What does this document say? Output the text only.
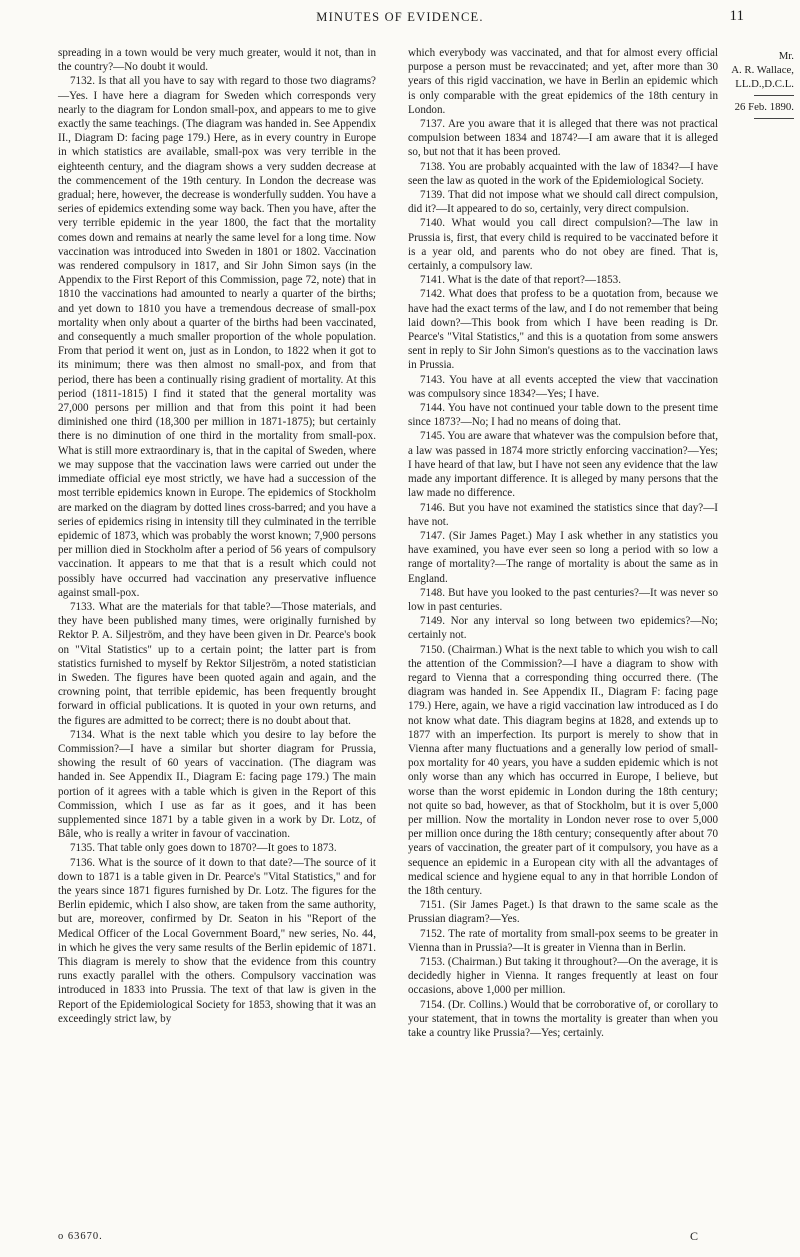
MINUTES OF EVIDENCE.	11

spreading in a town would be very much greater, would it not, than in the country?—No doubt it would.

7132. Is that all you have to say with regard to those two diagrams?—Yes. I have here a diagram for Sweden which corresponds very nearly to the diagram for London small-pox, and appears to me to give exactly the same teachings. (The diagram was handed in. See Appendix II., Diagram D: facing page 179.) Here, as in every country in Europe in which statistics are available, small-pox was very terrible in the eighteenth century, and the diagram shows a very sudden decrease at the commencement of the 19th century. In London the decrease was gradual; here, however, the decrease is wonderfully sudden. You have a series of epidemics extending some way back. Then you have, after the very terrible epidemic in the year 1800, the fact that the mortality comes down and remains at nearly the same level for a long time. Now vaccination was introduced into Sweden in 1801 or 1802. Vaccination was rendered compulsory in 1817, and Sir John Simon says (in the Appendix to the First Report of this Commission, page 72, note) that in 1810 the vaccinations had amounted to nearly a quarter of the births; and yet down to 1810 you have a tremendous decrease of small-pox mortality when only about a quarter of the births had been vaccinated, and consequently a much smaller proportion of the whole population. From that period it went on, just as in London, to 1822 when it got to its minimum; there was then almost no small-pox, and from that period, there has been a continually rising gradient of mortality. At this period (1811-1815) I find it stated that the general mortality was 27,000 persons per million and that from this point it had been diminished one third (18,300 per million in 1871-1875); but certainly there is no diminution of one third in the mortality from small-pox. What is still more extraordinary is, that in the capital of Sweden, where we may suppose that the vaccination laws were carried out under the immediate official eye most strictly, we have had a succession of the most terrible epidemics known in Europe. The epidemics of Stockholm are marked on the diagram by dotted lines cross-barred; and you have a series of epidemics rising in intensity till they culminated in the terrible epidemic of 1873, which was probably the worst known; 7,900 persons per million died in Stockholm after a period of 56 years of compulsory vaccination. It appears to me that that is a result which could not possibly have occurred had vaccination any preservative influence against small-pox.

7133. What are the materials for that table?—Those materials, and they have been published many times, were originally furnished by Rektor P. A. Siljeström, and they have been given in Dr. Pearce's book on "Vital Statistics" up to a certain point; the latter part is from statistics furnished to myself by Rektor Siljeström, a noted statistician in Sweden. The figures have been quoted again and again, and the crowning point, that terrible epidemic, has been frequently brought forward in official publications. It is quoted in your own returns, and the figures are admitted to be correct; there is no doubt about that.

7134. What is the next table which you desire to lay before the Commission?—I have a similar but shorter diagram for Prussia, showing the result of 60 years of vaccination. (The diagram was handed in. See Appendix II., Diagram E: facing page 179.) The main portion of it agrees with a table which is given in the Report of this Commission, which I use as far as it goes, and it has been supplemented since 1871 by a table given in a work by Dr. Lotz, of Bâle, who is really a writer in favour of vaccination.

7135. That table only goes down to 1870?—It goes to 1873.

7136. What is the source of it down to that date?—The source of it down to 1871 is a table given in Dr. Pearce's "Vital Statistics," and for the years since 1871 figures furnished by Dr. Lotz. The figures for the Berlin epidemic, which I also show, are taken from the same authority, but are, moreover, confirmed by Dr. Seaton in his "Report of the Medical Officer of the Local Government Board," new series, No. 44, in which he gives the very same results of the Berlin epidemic of 1871. This diagram is merely to show that the evidence from this country runs exactly parallel with the others. Compulsory vaccination was introduced in 1833 into Prussia. The text of that law is given in the Report of the Epidemiological Society for 1853, showing that it was an exceedingly strict law, by

which everybody was vaccinated, and that for almost every official purpose a person must be revaccinated; and yet, after more than 30 years of this rigid vaccination, we have in Berlin an epidemic which is only comparable with the great epidemics of the 18th century in London.

7137. Are you aware that it is alleged that there was not practical compulsion between 1834 and 1874?—I am aware that it is alleged so, but not that it has been proved.

7138. You are probably acquainted with the law of 1834?—I have seen the law as quoted in the work of the Epidemiological Society.

7139. That did not impose what we should call direct compulsion, did it?—It appeared to do so, certainly, very direct compulsion.

7140. What would you call direct compulsion?—The law in Prussia is, first, that every child is required to be vaccinated before it is a year old, and parents who do not obey are fined. That is, certainly, a compulsory law.

7141. What is the date of that report?—1853.

7142. What does that profess to be a quotation from, because we have had the exact terms of the law, and I do not remember that being laid down?—This book from which I have been reading is Dr. Pearce's "Vital Statistics," and this is a quotation from some answers sent in reply to Sir John Simon's questions as to the vaccination laws in Prussia.

7143. You have at all events accepted the view that vaccination was compulsory since 1834?—Yes; I have.

7144. You have not continued your table down to the present time since 1873?—No; I had no means of doing that.

7145. You are aware that whatever was the compulsion before that, a law was passed in 1874 more strictly enforcing vaccination?—Yes; I have heard of that law, but I have not seen any evidence that the law made any important difference. It is alleged by many persons that the law made no difference.

7146. But you have not examined the statistics since that day?—I have not.

7147. (Sir James Paget.) May I ask whether in any statistics you have examined, you have ever seen so long a period with so low a range of mortality?—The range of mortality is about the same as in England.

7148. But have you looked to the past centuries?—It was never so low in past centuries.

7149. Nor any interval so long between two epidemics?—No; certainly not.

7150. (Chairman.) What is the next table to which you wish to call the attention of the Commission?—I have a diagram to show with regard to Vienna that a corresponding thing occurred there. (The diagram was handed in. See Appendix II., Diagram F: facing page 179.) Here, again, we have a rigid vaccination law introduced as I do not know what date. This diagram begins at 1828, and extends up to 1877 with an imperfection. Its purport is merely to show that in Vienna after many fluctuations and a generally low period of small-pox mortality for 40 years, you have a sudden epidemic which is not only worse than any which has occurred in Europe, I believe, but worse than the worst epidemic in London during the 18th century; not quite so bad, however, as that of Stockholm, but it is over 5,000 per million. Now the mortality in London never rose to over 5,000 per million once during the 18th century; consequently after about 70 years of vaccination, the greater part of it compulsory, you have as a sequence an epidemic in a European city with all the advantages of medical science and hygiene equal to any in that horrible London of the 18th century.

7151. (Sir James Paget.) Is that drawn to the same scale as the Prussian diagram?—Yes.

7152. The rate of mortality from small-pox seems to be greater in Vienna than in Prussia?—It is greater in Vienna than in Berlin.

7153. (Chairman.) But taking it throughout?—On the average, it is decidedly higher in Vienna. It ranges frequently at least on four occasions, above 1,000 per million.

7154. (Dr. Collins.) Would that be corroborative of, or corollary to your statement, that in towns the mortality is greater than when you take a country like Prussia?—Yes; certainly.

Mr.
A. R. Wallace,
LL.D.,D.C.L.
26 Feb. 1890.
o 63670.	C
